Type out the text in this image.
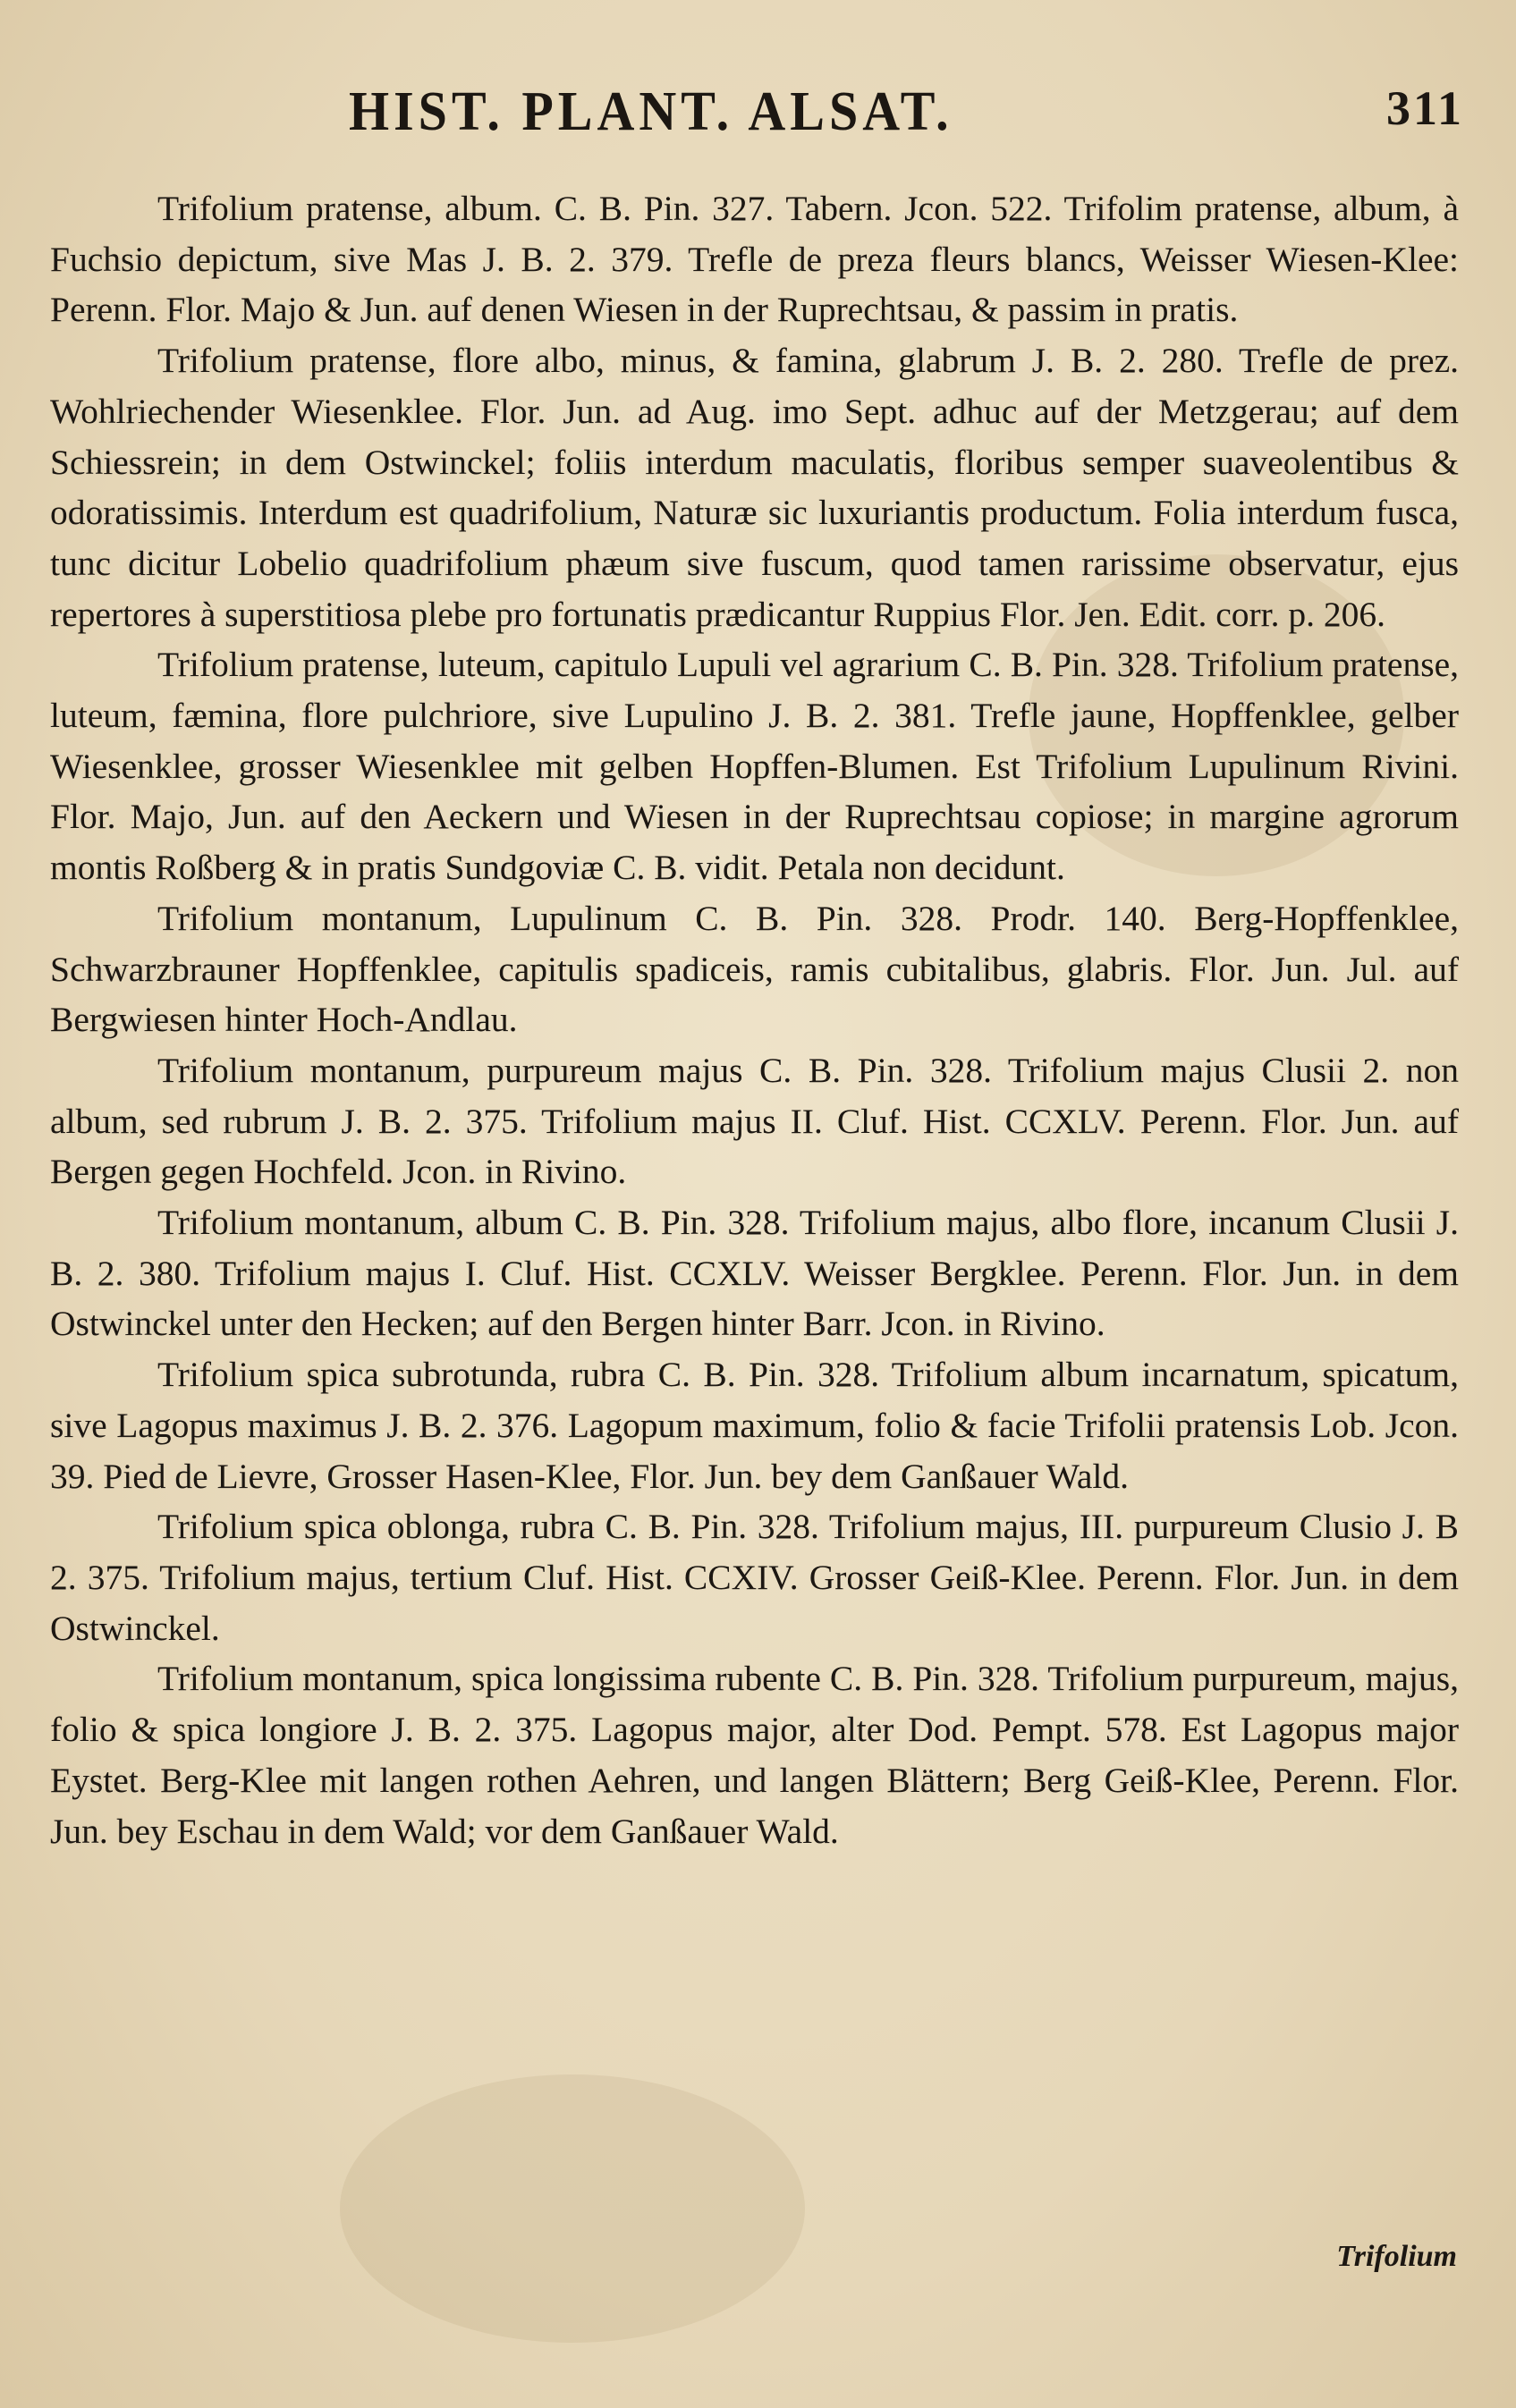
HIST. PLANT. ALSAT.	311

Trifolium pratense, album. C. B. Pin. 327. Tabern. Jcon. 522. Trifolim pratense, album, à Fuchsio depictum, sive Mas J. B. 2. 379. Trefle de preza fleurs blancs, Weisser Wiesen-Klee: Perenn. Flor. Majo & Jun. auf denen Wiesen in der Ruprechtsau, & passim in pratis.

Trifolium pratense, flore albo, minus, & famina, glabrum J. B. 2. 280. Trefle de prez. Wohlriechender Wiesenklee. Flor. Jun. ad Aug. imo Sept. adhuc auf der Metzgerau; auf dem Schiessrein; in dem Ostwinckel; foliis interdum maculatis, floribus semper suaveolentibus & odoratissimis. Interdum est quadrifolium, Naturæ sic luxuriantis productum. Folia interdum fusca, tunc dicitur Lobelio quadrifolium phæum sive fuscum, quod tamen rarissime observatur, ejus repertores à superstitiosa plebe pro fortunatis prædicantur Ruppius Flor. Jen. Edit. corr. p. 206.

Trifolium pratense, luteum, capitulo Lupuli vel agrarium C. B. Pin. 328. Trifolium pratense, luteum, fæmina, flore pulchriore, sive Lupulino J. B. 2. 381. Trefle jaune, Hopffenklee, gelber Wiesenklee, grosser Wiesenklee mit gelben Hopffen-Blumen. Est Trifolium Lupulinum Rivini. Flor. Majo, Jun. auf den Aeckern und Wiesen in der Ruprechtsau copiose; in margine agrorum montis Roßberg & in pratis Sundgoviæ C. B. vidit. Petala non decidunt.

Trifolium montanum, Lupulinum C. B. Pin. 328. Prodr. 140. Berg-Hopffenklee, Schwarzbrauner Hopffenklee, capitulis spadiceis, ramis cubitalibus, glabris. Flor. Jun. Jul. auf Bergwiesen hinter Hoch-Andlau.

Trifolium montanum, purpureum majus C. B. Pin. 328. Trifolium majus Clusii 2. non album, sed rubrum J. B. 2. 375. Trifolium majus II. Cluf. Hist. CCXLV. Perenn. Flor. Jun. auf Bergen gegen Hochfeld. Jcon. in Rivino.

Trifolium montanum, album C. B. Pin. 328. Trifolium majus, albo flore, incanum Clusii J. B. 2. 380. Trifolium majus I. Cluf. Hist. CCXLV. Weisser Bergklee. Perenn. Flor. Jun. in dem Ostwinckel unter den Hecken; auf den Bergen hinter Barr. Jcon. in Rivino.

Trifolium spica subrotunda, rubra C. B. Pin. 328. Trifolium album incarnatum, spicatum, sive Lagopus maximus J. B. 2. 376. Lagopum maximum, folio & facie Trifolii pratensis Lob. Jcon. 39. Pied de Lievre, Grosser Hasen-Klee, Flor. Jun. bey dem Ganßauer Wald.

Trifolium spica oblonga, rubra C. B. Pin. 328. Trifolium majus, III. purpureum Clusio J. B 2. 375. Trifolium majus, tertium Cluf. Hist. CCXIV. Grosser Geiß-Klee. Perenn. Flor. Jun. in dem Ostwinckel.

Trifolium montanum, spica longissima rubente C. B. Pin. 328. Trifolium purpureum, majus, folio & spica longiore J. B. 2. 375. Lagopus major, alter Dod. Pempt. 578. Est Lagopus major Eystet. Berg-Klee mit langen rothen Aehren, und langen Blättern; Berg Geiß-Klee, Perenn. Flor. Jun. bey Eschau in dem Wald; vor dem Ganßauer Wald.

Trifolium
